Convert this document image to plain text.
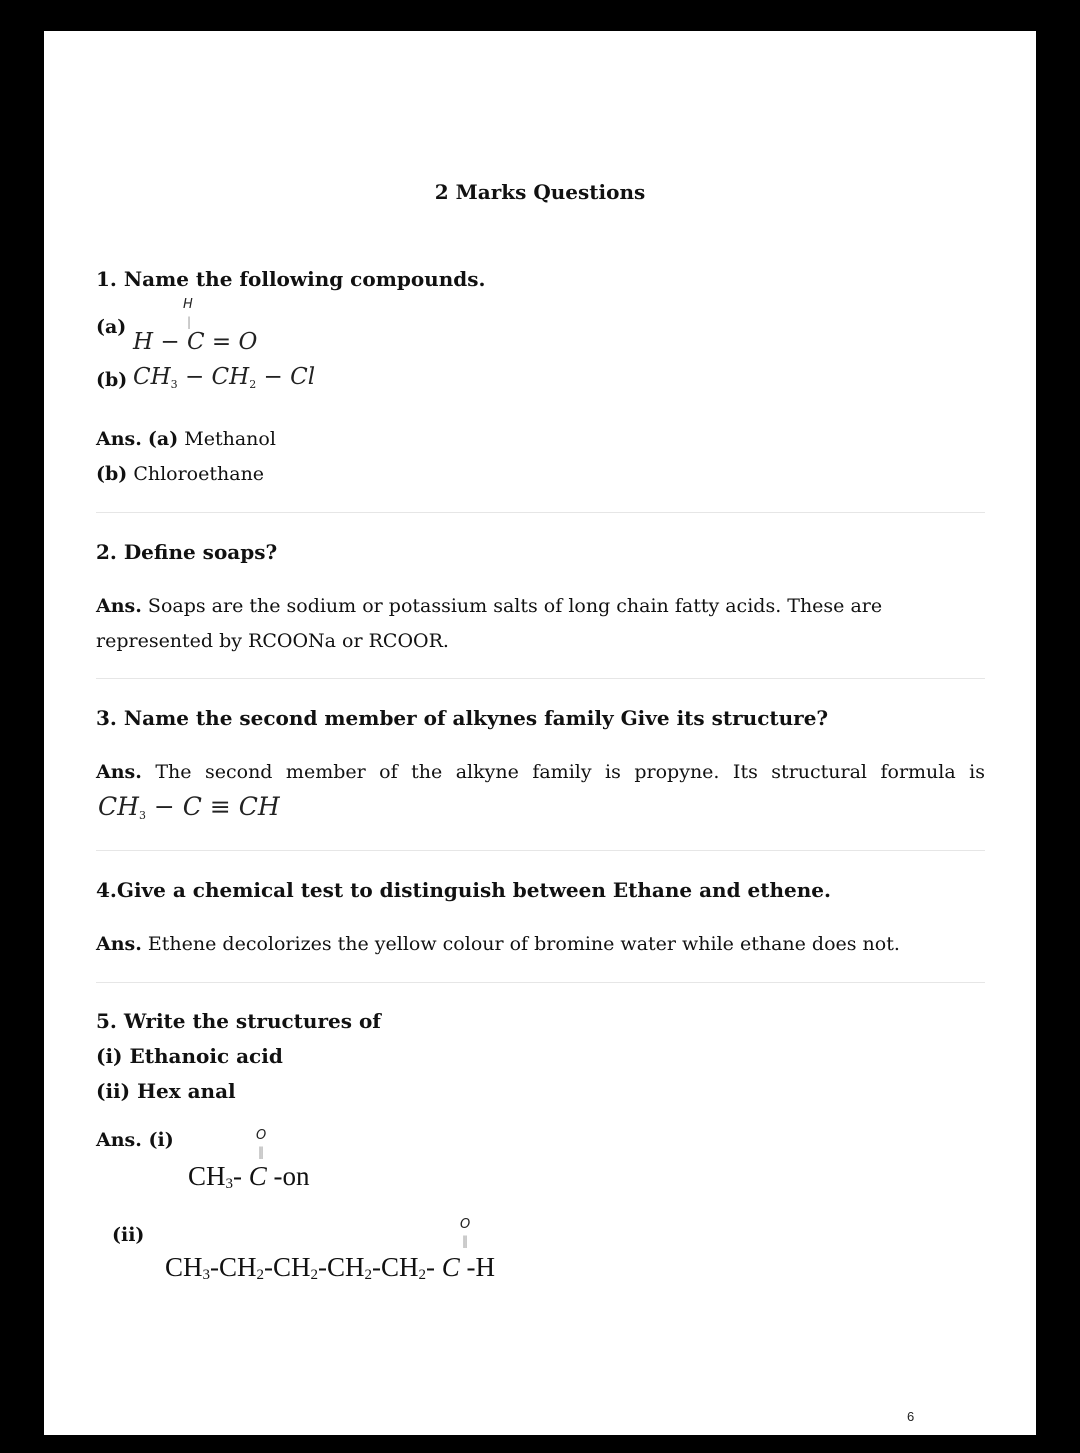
2 Marks Questions
1. Name the following compounds.
(a)
H
|
H − C = O
(b) $CH_3 - CH_2 - Cl$
Ans. (a) Methanol
(b) Chloroethane
2. Define soaps?
Ans. Soaps are the sodium or potassium salts of long chain fatty acids. These are represented by RCOONa or RCOOR.
3. Name the second member of alkynes family Give its structure?
Ans. The second member of the alkyne family is propyne. Its structural formula is
$CH_3 - C$ ≡ CH
4.Give a chemical test to distinguish between Ethane and ethene.
Ans. Ethene decolorizes the yellow colour of bromine water while ethane does not.
5. Write the structures of
(i) Ethanoic acid
(ii) Hex anal
Ans. (i)	O
||
$CH_3-$ C -on
(ii)	O
||
$CH_3-CH_2-CH_2-CH_2-CH_2-$ C -H
6
